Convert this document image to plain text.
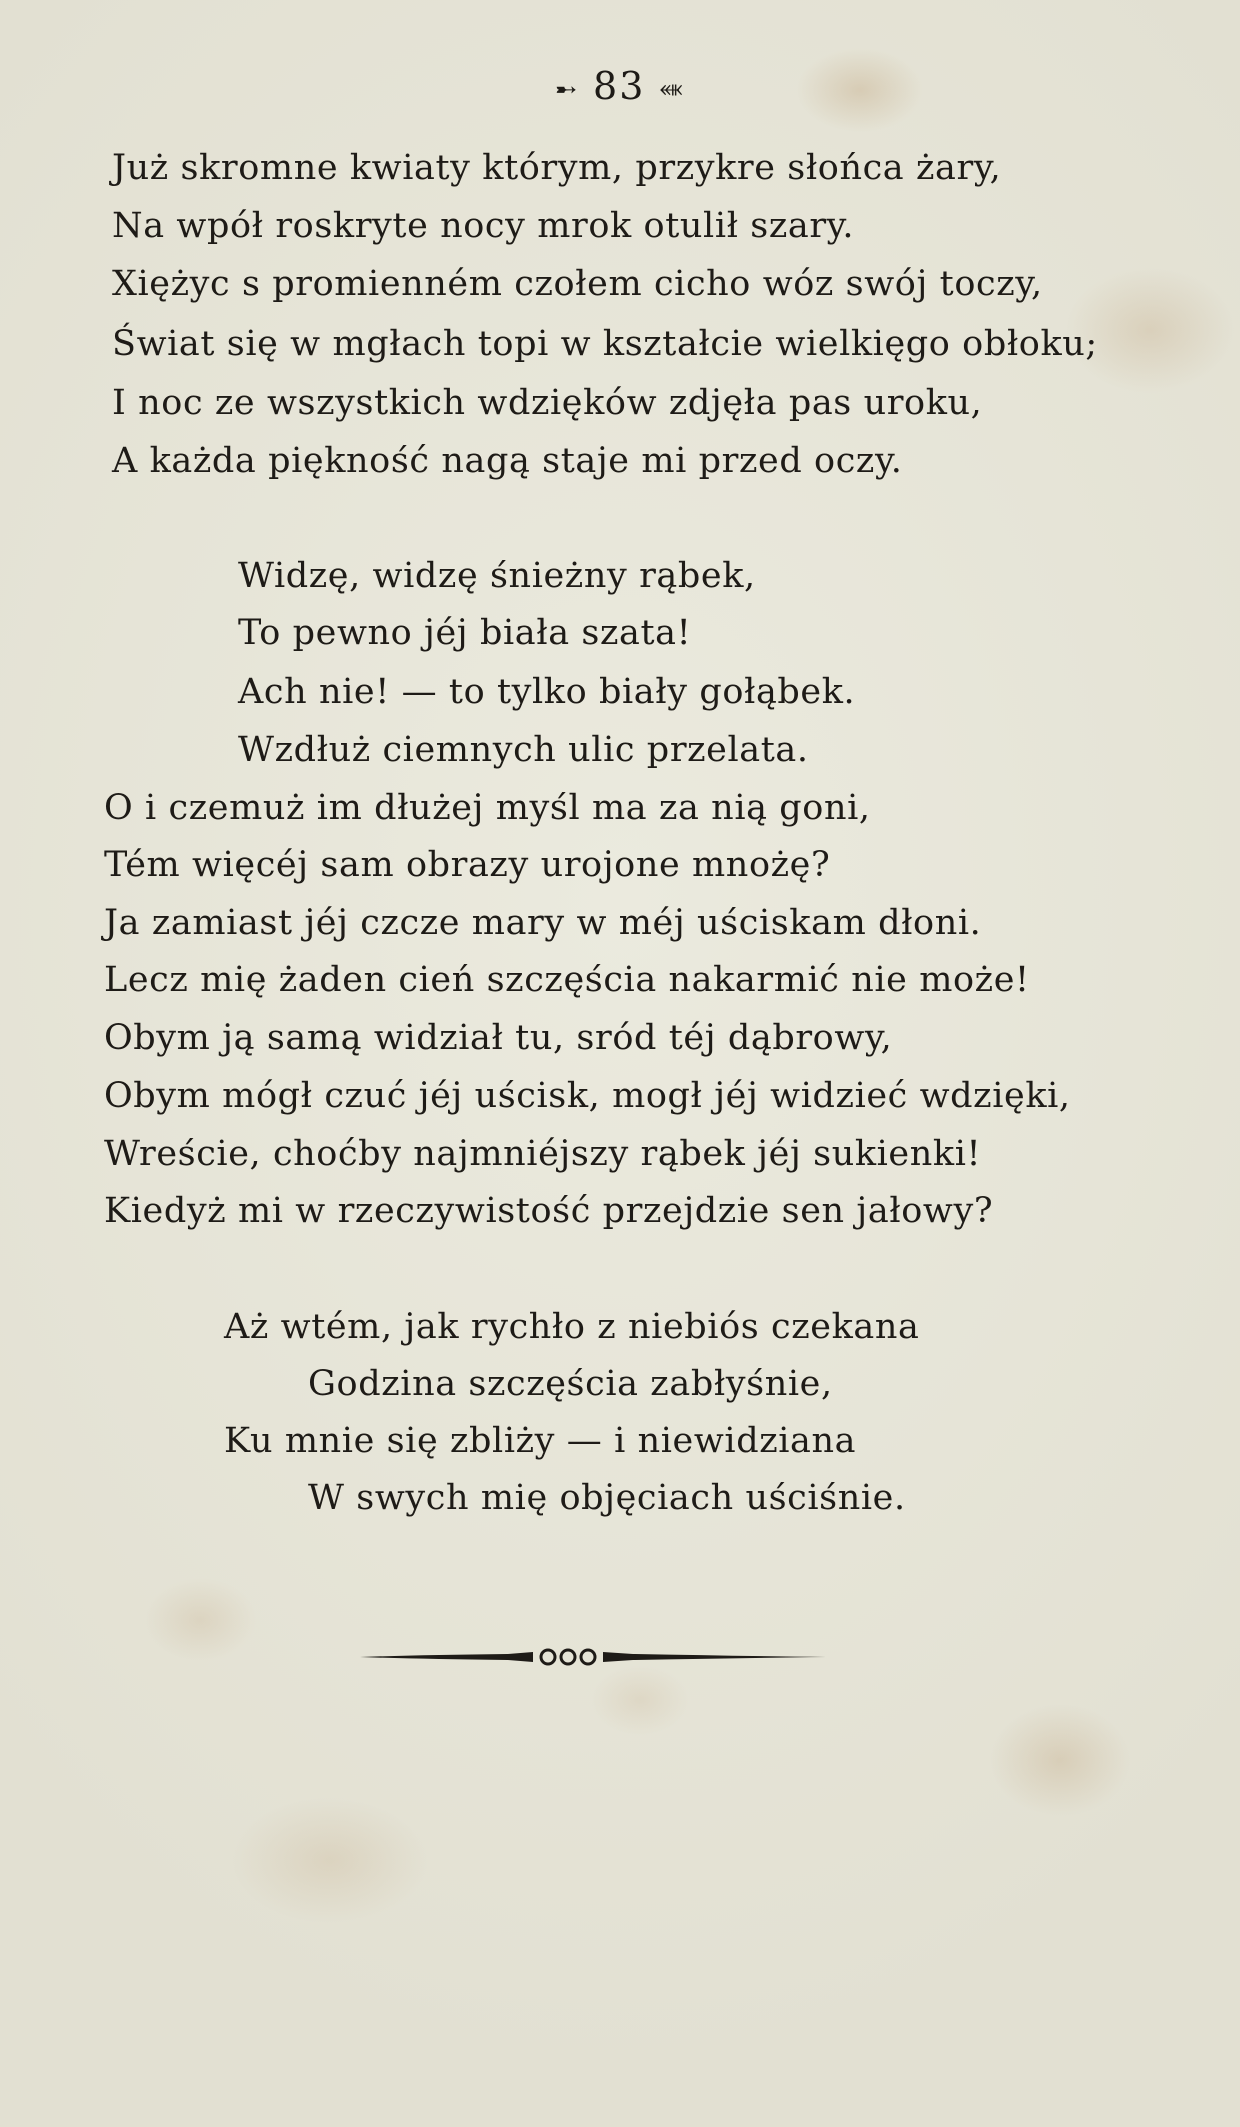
➸ 83 ⬽
Już skromne kwiaty którym, przykre słońca żary,
Na wpół roskryte nocy mrok otulił szary.
Xiężyc s promienném czołem cicho wóz swój toczy,
Świat się w mgłach topi w kształcie wielkięgo obłoku;
I noc ze wszystkich wdzięków zdjęła pas uroku,
A każda piękność nagą staje mi przed oczy.
Widzę, widzę śnieżny rąbek,
To pewno jéj biała szata!
Ach nie! — to tylko biały gołąbek.
Wzdłuż ciemnych ulic przelata.
O i czemuż im dłużej myśl ma za nią goni,
Tém więcéj sam obrazy urojone mnożę?
Ja zamiast jéj czcze mary w méj uściskam dłoni.
Lecz mię żaden cień szczęścia nakarmić nie może!
Obym ją samą widział tu, sród téj dąbrowy,
Obym mógł czuć jéj uścisk, mogł jéj widzieć wdzięki,
Wreście, choćby najmniéjszy rąbek jéj sukienki!
Kiedyż mi w rzeczywistość przejdzie sen jałowy?
Aż wtém, jak rychło z niebiós czekana
Godzina szczęścia zabłyśnie,
Ku mnie się zbliży — i niewidziana
W swych mię objęciach uściśnie.
